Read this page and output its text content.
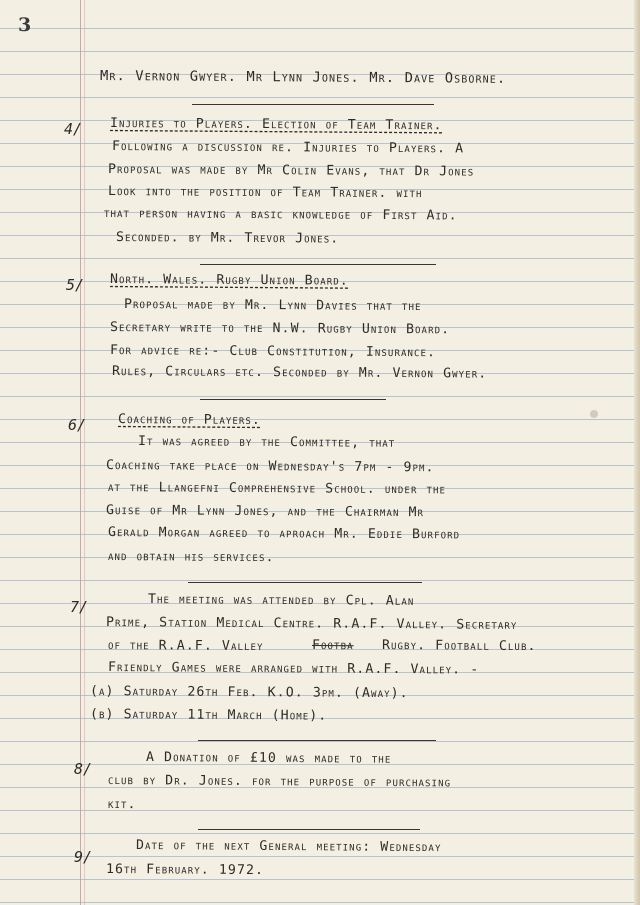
3
Mr. Vernon Gwyer. Mr Lynn Jones. Mr. Dave Osborne.
4/ Injuries to Players. Election of Team Trainer.
Following a discussion re. Injuries to Players. A
Proposal was made by Mr Colin Evans, that Dr Jones
Look into the position of Team Trainer. with
that person having a basic knowledge of First Aid.
Seconded. by Mr. Trevor Jones.
5/ North. Wales. Rugby Union Board.
Proposal made by Mr. Lynn Davies that the
Secretary write to the N.W. Rugby Union Board.
For advice re:- Club Constitution, Insurance.
Rules, Circulars etc. Seconded by Mr. Vernon Gwyer.
6/ Coaching of Players.
It was agreed by the Committee, that
Coaching take place on Wednesday's 7pm - 9pm.
at the Llangefni Comprehensive School. under the
Guise of Mr Lynn Jones, and the Chairman Mr
Gerald Morgan agreed to aproach Mr. Eddie Burford
and obtain his services.
7/	The meeting was attended by Cpl. Alan
Prime, Station Medical Centre. R.A.F. Valley. Secretary
of the R.A.F. Valley	Footba Rugby. Football Club.
Friendly Games were arranged with R.A.F. Valley. -
(a) Saturday 26th Feb. K.O. 3pm. (Away).
(b) Saturday 11th March (Home).
8/
A Donation of £10 was made to the
club by Dr. Jones. for the purpose of purchasing
kit.
9/
Date of the next General meeting: Wednesday
16th February. 1972.
